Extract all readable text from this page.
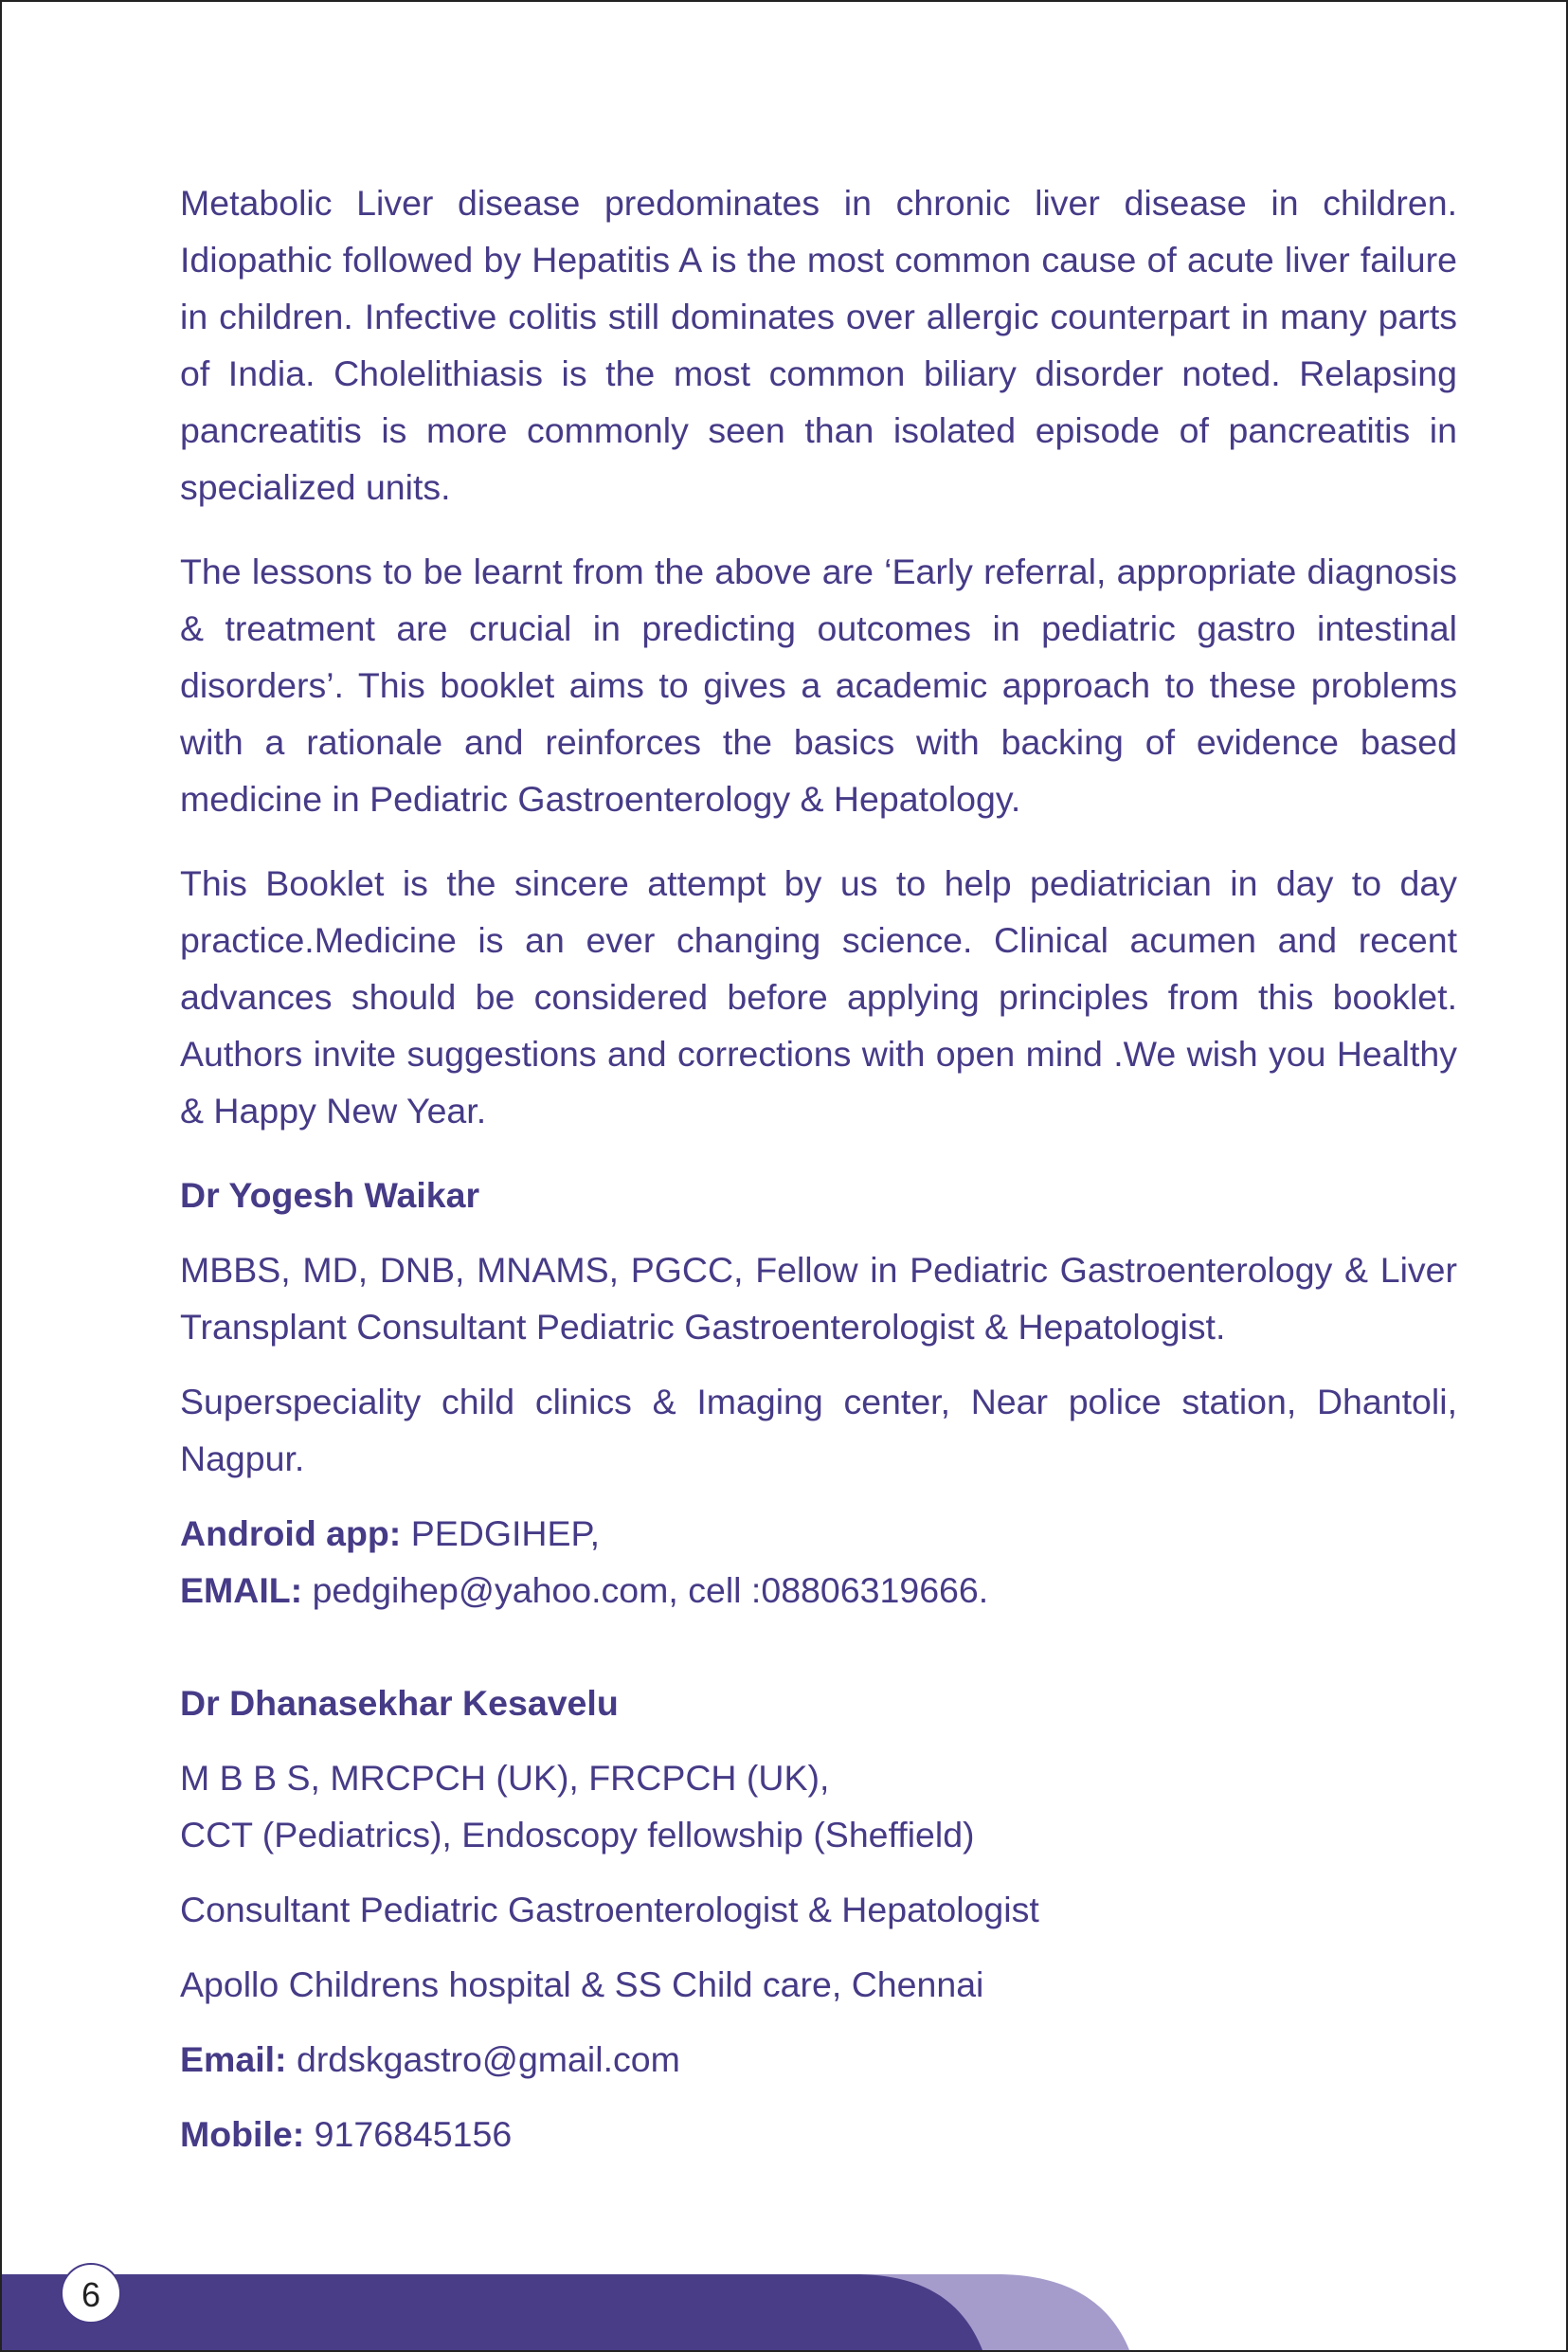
Metabolic Liver disease predominates in chronic liver disease in children. Idiopathic followed by Hepatitis A is the most common cause of acute liver failure in children. Infective colitis still dominates over allergic counterpart in many parts of India. Cholelithiasis is the most common biliary disorder noted. Relapsing pancreatitis is more commonly seen than isolated episode of pancreatitis in specialized units.

The lessons to be learnt from the above are ‘Early referral, appropriate diagnosis & treatment are crucial in predicting outcomes in pediatric gastro intestinal disorders’. This booklet aims to gives a academic approach to these problems with a rationale and reinforces the basics with backing of evidence based medicine in Pediatric Gastroenterology & Hepatology.

This Booklet is the sincere attempt by us to help pediatrician in day to day practice.Medicine is an ever changing science. Clinical acumen and recent advances should be considered before applying principles from this booklet. Authors invite suggestions and corrections with open mind .We wish you Healthy & Happy New Year.

Dr Yogesh Waikar
MBBS, MD, DNB, MNAMS, PGCC, Fellow in Pediatric Gastroenterology & Liver Transplant Consultant Pediatric Gastroenterologist & Hepatologist.
Superspeciality child clinics & Imaging center, Near police station, Dhantoli, Nagpur.
Android app: PEDGIHEP,
EMAIL: pedgihep@yahoo.com, cell :08806319666.
Dr Dhanasekhar Kesavelu
M B B S, MRCPCH (UK), FRCPCH (UK),
CCT (Pediatrics), Endoscopy fellowship (Sheffield)
Consultant Pediatric Gastroenterologist & Hepatologist
Apollo Childrens hospital & SS Child care, Chennai
Email: drdskgastro@gmail.com
Mobile: 9176845156
6
